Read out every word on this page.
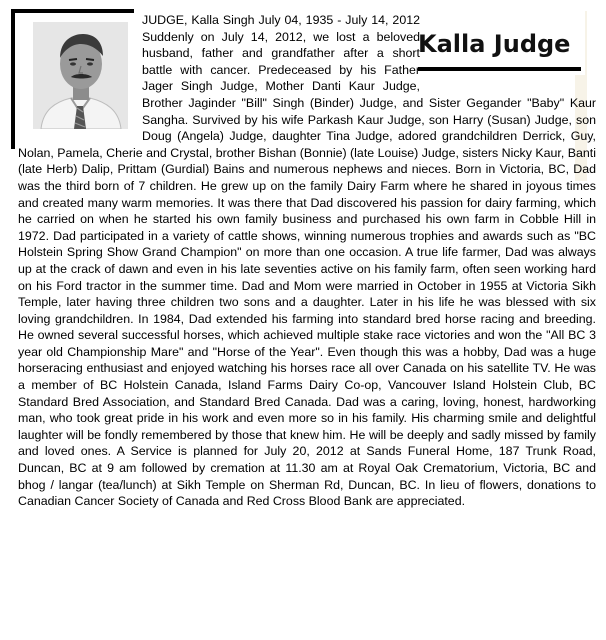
Kalla Judge

JUDGE, Kalla Singh July 04, 1935 - July 14, 2012 Suddenly on July 14, 2012, we lost a beloved husband, father and grandfather after a short battle with cancer. Predeceased by his Father Jager Singh Judge, Mother Danti Kaur Judge, Brother Jaginder "Bill" Singh (Binder) Judge, and Sister Gegander "Baby" Kaur Sangha. Survived by his wife Parkash Kaur Judge, son Harry (Susan) Judge, son Doug (Angela) Judge, daughter Tina Judge, adored grandchildren Derrick, Guy, Nolan, Pamela, Cherie and Crystal, brother Bishan (Bonnie) (late Louise) Judge, sisters Nicky Kaur, Banti (late Herb) Dalip, Prittam (Gurdial) Bains and numerous nephews and nieces. Born in Victoria, BC, Dad was the third born of 7 children. He grew up on the family Dairy Farm where he shared in joyous times and created many warm memories. It was there that Dad discovered his passion for dairy farming, which he carried on when he started his own family business and purchased his own farm in Cobble Hill in 1972. Dad participated in a variety of cattle shows, winning numerous trophies and awards such as "BC Holstein Spring Show Grand Champion" on more than one occasion. A true life farmer, Dad was always up at the crack of dawn and even in his late seventies active on his family farm, often seen working hard on his Ford tractor in the summer time. Dad and Mom were married in October in 1955 at Victoria Sikh Temple, later having three children two sons and a daughter. Later in his life he was blessed with six loving grandchildren. In 1984, Dad extended his farming into standard bred horse racing and breeding. He owned several successful horses, which achieved multiple stake race victories and won the "All BC 3 year old Championship Mare" and "Horse of the Year". Even though this was a hobby, Dad was a huge horseracing enthusiast and enjoyed watching his horses race all over Canada on his satellite TV. He was a member of BC Holstein Canada, Island Farms Dairy Co-op, Vancouver Island Holstein Club, BC Standard Bred Association, and Standard Bred Canada. Dad was a caring, loving, honest, hardworking man, who took great pride in his work and even more so in his family. His charming smile and delightful laughter will be fondly remembered by those that knew him. He will be deeply and sadly missed by family and loved ones. A Service is planned for July 20, 2012 at Sands Funeral Home, 187 Trunk Road, Duncan, BC at 9 am followed by cremation at 11.30 am at Royal Oak Crematorium, Victoria, BC and bhog / langar (tea/lunch) at Sikh Temple on Sherman Rd, Duncan, BC. In lieu of flowers, donations to Canadian Cancer Society of Canada and Red Cross Blood Bank are appreciated.
